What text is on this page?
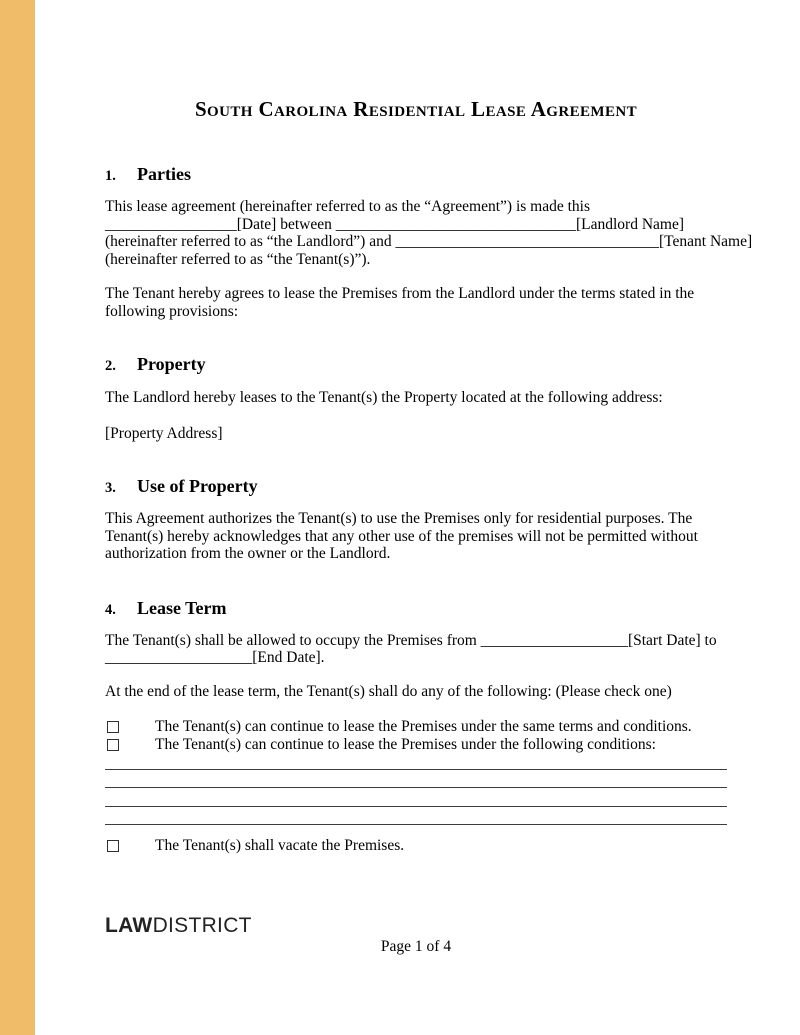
South Carolina Residential Lease Agreement
1.	Parties
This lease agreement (hereinafter referred to as the “Agreement”) is made this
_________________[Date] between _______________________________[Landlord Name]
(hereinafter referred to as “the Landlord”) and __________________________________[Tenant Name]
(hereinafter referred to as “the Tenant(s)”).
The Tenant hereby agrees to lease the Premises from the Landlord under the terms stated in the
following provisions:
2.	Property
The Landlord hereby leases to the Tenant(s) the Property located at the following address:
[Property Address]
3.	Use of Property
This Agreement authorizes the Tenant(s) to use the Premises only for residential purposes. The
Tenant(s) hereby acknowledges that any other use of the premises will not be permitted without
authorization from the owner or the Landlord.
4.	Lease Term
The Tenant(s) shall be allowed to occupy the Premises from ___________________[Start Date] to
___________________[End Date].
At the end of the lease term, the Tenant(s) shall do any of the following: (Please check one)
The Tenant(s) can continue to lease the Premises under the same terms and conditions.
The Tenant(s) can continue to lease the Premises under the following conditions:
The Tenant(s) shall vacate the Premises.
LAWDISTRICT
Page 1 of 4
